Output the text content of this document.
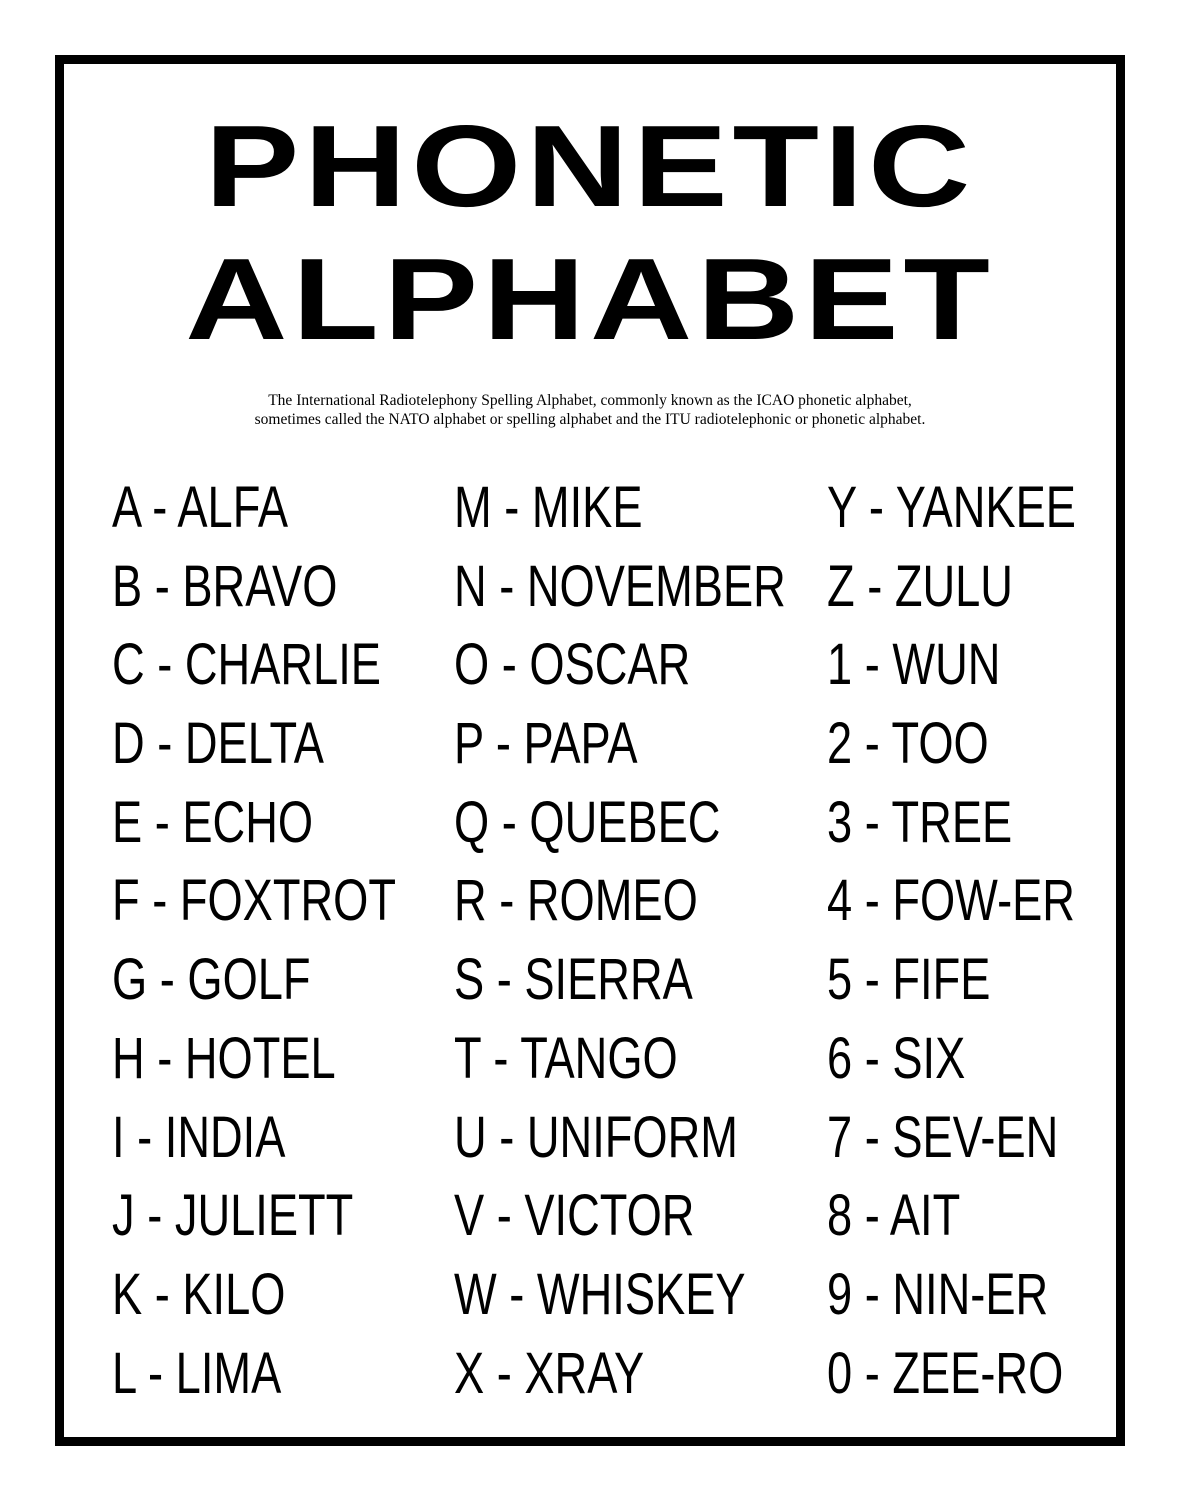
PHONETIC
ALPHABET
The International Radiotelephony Spelling Alphabet, commonly known as the ICAO phonetic alphabet,
sometimes called the NATO alphabet or spelling alphabet and the ITU radiotelephonic or phonetic alphabet.
A - ALFA
B - BRAVO
C - CHARLIE
D - DELTA
E - ECHO
F - FOXTROT
G - GOLF
H - HOTEL
I - INDIA
J - JULIETT
K - KILO
L - LIMA
M - MIKE
N - NOVEMBER
O - OSCAR
P - PAPA
Q - QUEBEC
R - ROMEO
S - SIERRA
T - TANGO
U - UNIFORM
V - VICTOR
W - WHISKEY
X - XRAY
Y - YANKEE
Z - ZULU
1 - WUN
2 - TOO
3 - TREE
4 - FOW-ER
5 - FIFE
6 - SIX
7 - SEV-EN
8 - AIT
9 - NIN-ER
0 - ZEE-RO
